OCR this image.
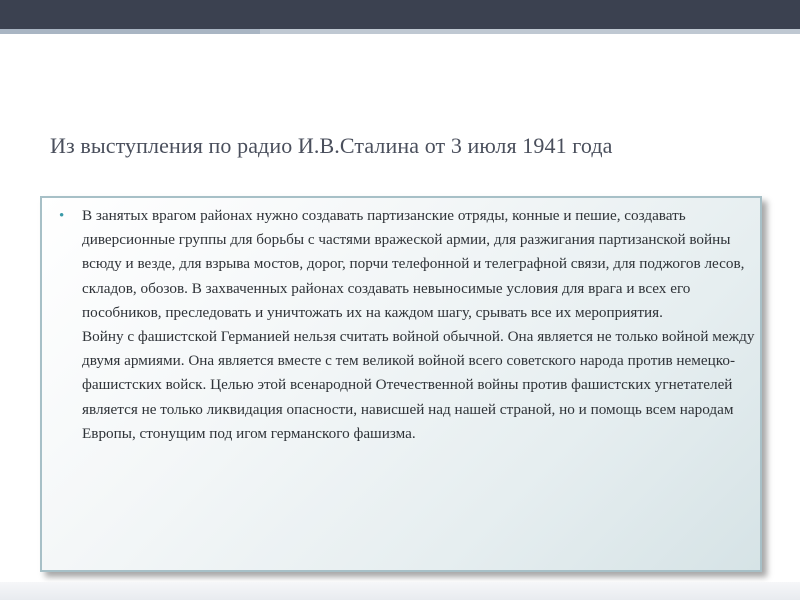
Из выступления по радио И.В.Сталина от 3 июля 1941 года
• В занятых врагом районах нужно создавать партизанские отряды, конные и пешие, создавать диверсионные группы для борьбы с частями вражеской армии, для разжигания партизанской войны всюду и везде, для взрыва мостов, дорог, порчи телефонной и телеграфной связи, для поджогов лесов, складов, обозов. В захваченных районах создавать невыносимые условия для врага и всех его пособников, преследовать и уничтожать их на каждом шагу, срывать все их мероприятия.
Войну с фашистской Германией нельзя считать войной обычной. Она является не только войной между двумя армиями. Она является вместе с тем великой войной всего советского народа против немецко-фашистских войск. Целью этой всенародной Отечественной войны против фашистских угнетателей является не только ликвидация опасности, нависшей над нашей страной, но и помощь всем народам Европы, стонущим под игом германского фашизма.
